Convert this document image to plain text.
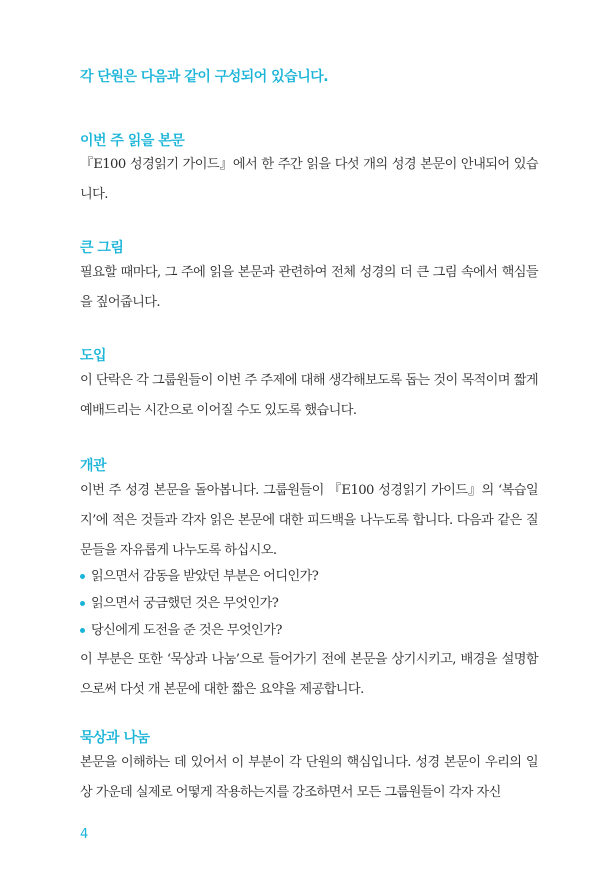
각 단원은 다음과 같이 구성되어 있습니다.
이번 주 읽을 본문
『E100 성경읽기 가이드』에서 한 주간 읽을 다섯 개의 성경 본문이 안내되어 있습니다.
큰 그림
필요할 때마다, 그 주에 읽을 본문과 관련하여 전체 성경의 더 큰 그림 속에서 핵심들을 짚어줍니다.
도입
이 단락은 각 그룹원들이 이번 주 주제에 대해 생각해보도록 돕는 것이 목적이며 짧게 예배드리는 시간으로 이어질 수도 있도록 했습니다.
개관
이번 주 성경 본문을 돌아봅니다. 그룹원들이 『E100 성경읽기 가이드』의 ‘복습일지’에 적은 것들과 각자 읽은 본문에 대한 피드백을 나누도록 합니다. 다음과 같은 질문들을 자유롭게 나누도록 하십시오.
읽으면서 감동을 받았던 부분은 어디인가?
읽으면서 궁금했던 것은 무엇인가?
당신에게 도전을 준 것은 무엇인가?
이 부분은 또한 ‘묵상과 나눔’으로 들어가기 전에 본문을 상기시키고, 배경을 설명함으로써 다섯 개 본문에 대한 짧은 요약을 제공합니다.
묵상과 나눔
본문을 이해하는 데 있어서 이 부분이 각 단원의 핵심입니다. 성경 본문이 우리의 일상 가운데 실제로 어떻게 작용하는지를 강조하면서 모든 그룹원들이 각자 자신
4
